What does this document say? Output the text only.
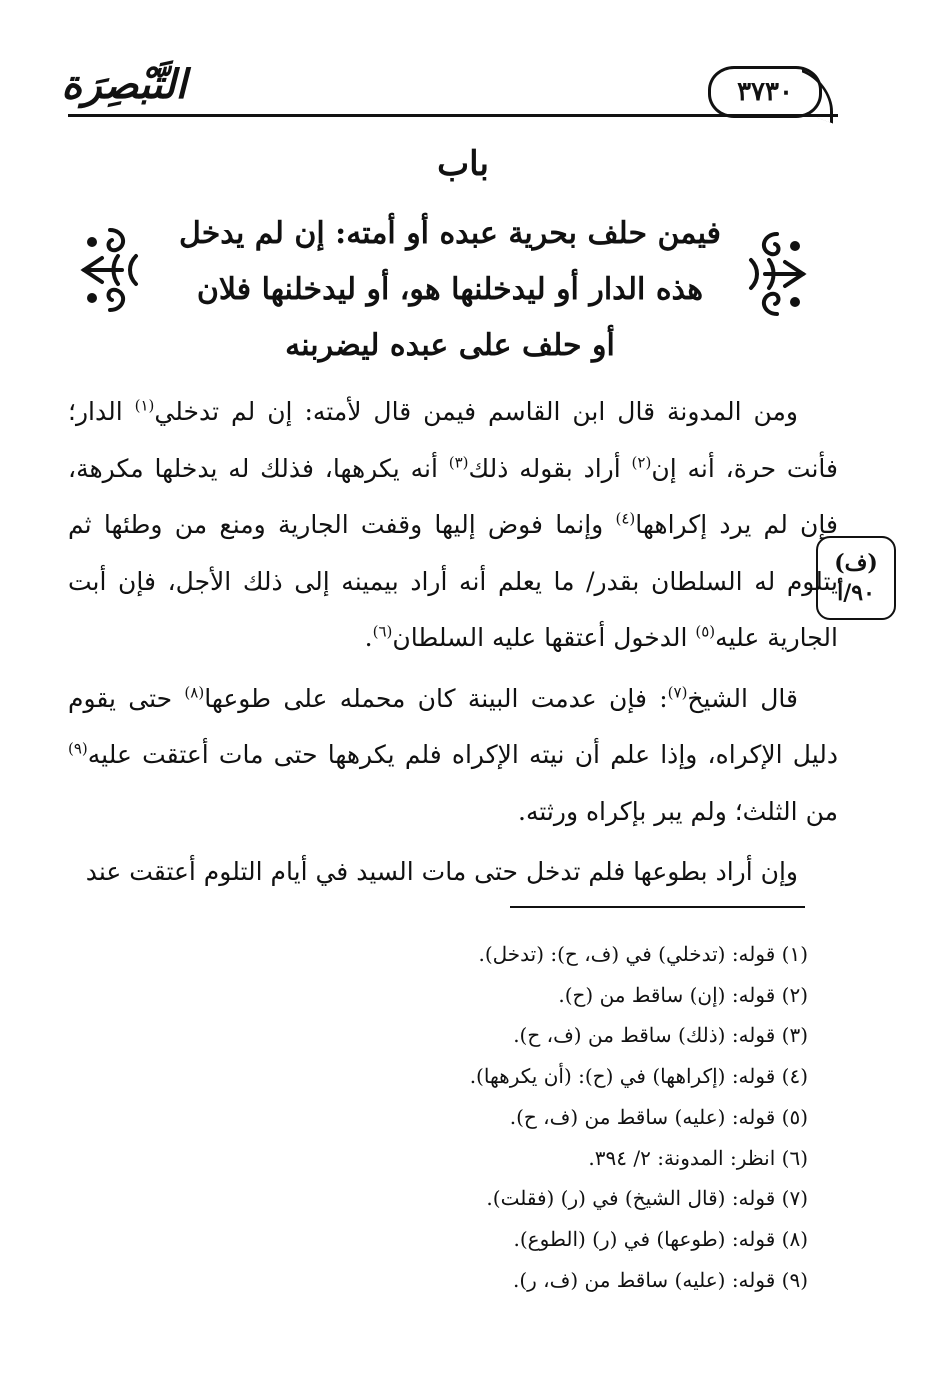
التَّبْصِرَة	٣٧٣٠
باب
فيمن حلف بحرية عبده أو أمته: إن لم يدخل
هذه الدار أو ليدخلنها هو، أو ليدخلنها فلان
أو حلف على عبده ليضربنه
(ف)
٩٠/أ

ومن المدونة قال ابن القاسم فيمن قال لأمته: إن لم تدخلي$^{(١)}$ الدار؛ فأنت حرة، أنه إن$^{(٢)}$ أراد بقوله ذلك$^{(٣)}$ أنه يكرهها، فذلك له يدخلها مكرهة، فإن لم يرد إكراهها$^{(٤)}$ وإنما فوض إليها وقفت الجارية ومنع من وطئها ثم يتلوم له السلطان بقدر/ ما يعلم أنه أراد بيمينه إلى ذلك الأجل، فإن أبت الجارية عليه$^{(٥)}$ الدخول أعتقها عليه السلطان$^{(٦)}$.

قال الشيخ$^{(٧)}$: فإن عدمت البينة كان محمله على طوعها$^{(٨)}$ حتى يقوم دليل الإكراه، وإذا علم أن نيته الإكراه فلم يكرهها حتى مات أعتقت عليه$^{(٩)}$ من الثلث؛ ولم يبر بإكراه ورثته.

وإن أراد بطوعها فلم تدخل حتى مات السيد في أيام التلوم أعتقت عند

(١) قوله: (تدخلي) في (ف، ح): (تدخل).
(٢) قوله: (إن) ساقط من (ح).
(٣) قوله: (ذلك) ساقط من (ف، ح).
(٤) قوله: (إكراهها) في (ح): (أن يكرهها).
(٥) قوله: (عليه) ساقط من (ف، ح).
(٦) انظر: المدونة: ٢/ ٣٩٤.
(٧) قوله: (قال الشيخ) في (ر) (فقلت).
(٨) قوله: (طوعها) في (ر) (الطوع).
(٩) قوله: (عليه) ساقط من (ف، ر).
